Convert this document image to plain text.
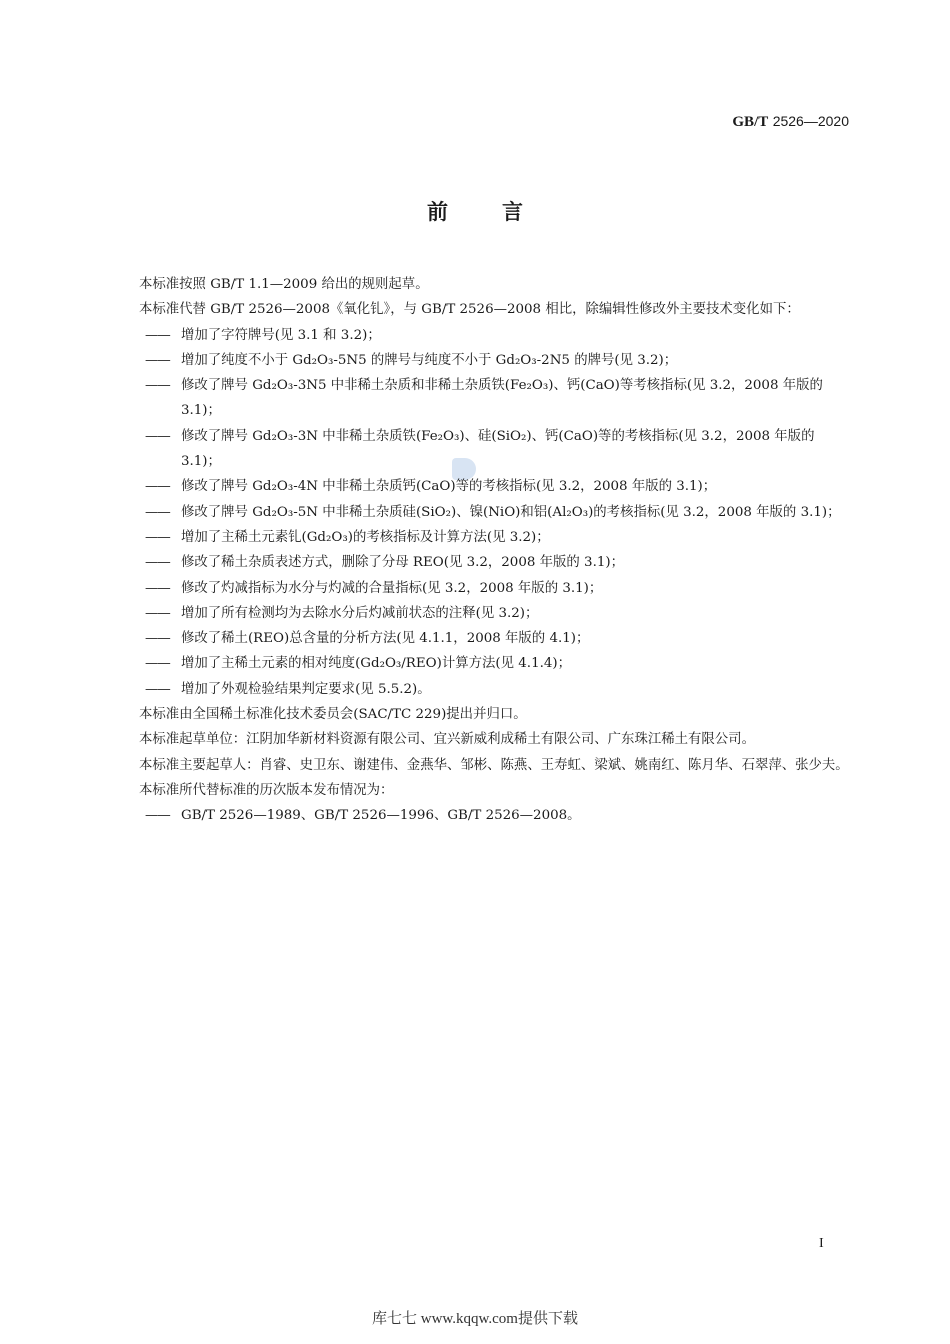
GB/T 2526—2020
前	言

本标准按照 GB/T 1.1—2009 给出的规则起草。

本标准代替 GB/T 2526—2008《氧化钆》，与 GB/T 2526—2008 相比，除编辑性修改外主要技术变化如下：

—— 增加了字符牌号(见 3.1 和 3.2)；

—— 增加了纯度不小于 Gd₂O₃-5N5 的牌号与纯度不小于 Gd₂O₃-2N5 的牌号(见 3.2)；

—— 修改了牌号 Gd₂O₃-3N5 中非稀土杂质和非稀土杂质铁(Fe₂O₃)、钙(CaO)等考核指标(见 3.2，2008 年版的 3.1)；

—— 修改了牌号 Gd₂O₃-3N 中非稀土杂质铁(Fe₂O₃)、硅(SiO₂)、钙(CaO)等的考核指标(见 3.2，2008 年版的 3.1)；

—— 修改了牌号 Gd₂O₃-4N 中非稀土杂质钙(CaO)等的考核指标(见 3.2，2008 年版的 3.1)；

—— 修改了牌号 Gd₂O₃-5N 中非稀土杂质硅(SiO₂)、镍(NiO)和铝(Al₂O₃)的考核指标(见 3.2，2008 年版的 3.1)；

—— 增加了主稀土元素钆(Gd₂O₃)的考核指标及计算方法(见 3.2)；

—— 修改了稀土杂质表述方式，删除了分母 REO(见 3.2，2008 年版的 3.1)；

—— 修改了灼减指标为水分与灼减的合量指标(见 3.2，2008 年版的 3.1)；

—— 增加了所有检测均为去除水分后灼减前状态的注释(见 3.2)；

—— 修改了稀土(REO)总含量的分析方法(见 4.1.1，2008 年版的 4.1)；

—— 增加了主稀土元素的相对纯度(Gd₂O₃/REO)计算方法(见 4.1.4)；

—— 增加了外观检验结果判定要求(见 5.5.2)。

本标准由全国稀土标准化技术委员会(SAC/TC 229)提出并归口。

本标准起草单位：江阴加华新材料资源有限公司、宜兴新威利成稀土有限公司、广东珠江稀土有限公司。

本标准主要起草人：肖睿、史卫东、谢建伟、金燕华、邹彬、陈燕、王寿虹、梁斌、姚南红、陈月华、石翠萍、张少夫。

本标准所代替标准的历次版本发布情况为：

—— GB/T 2526—1989、GB/T 2526—1996、GB/T 2526—2008。

I
库七七 www.kqqw.com提供下载
